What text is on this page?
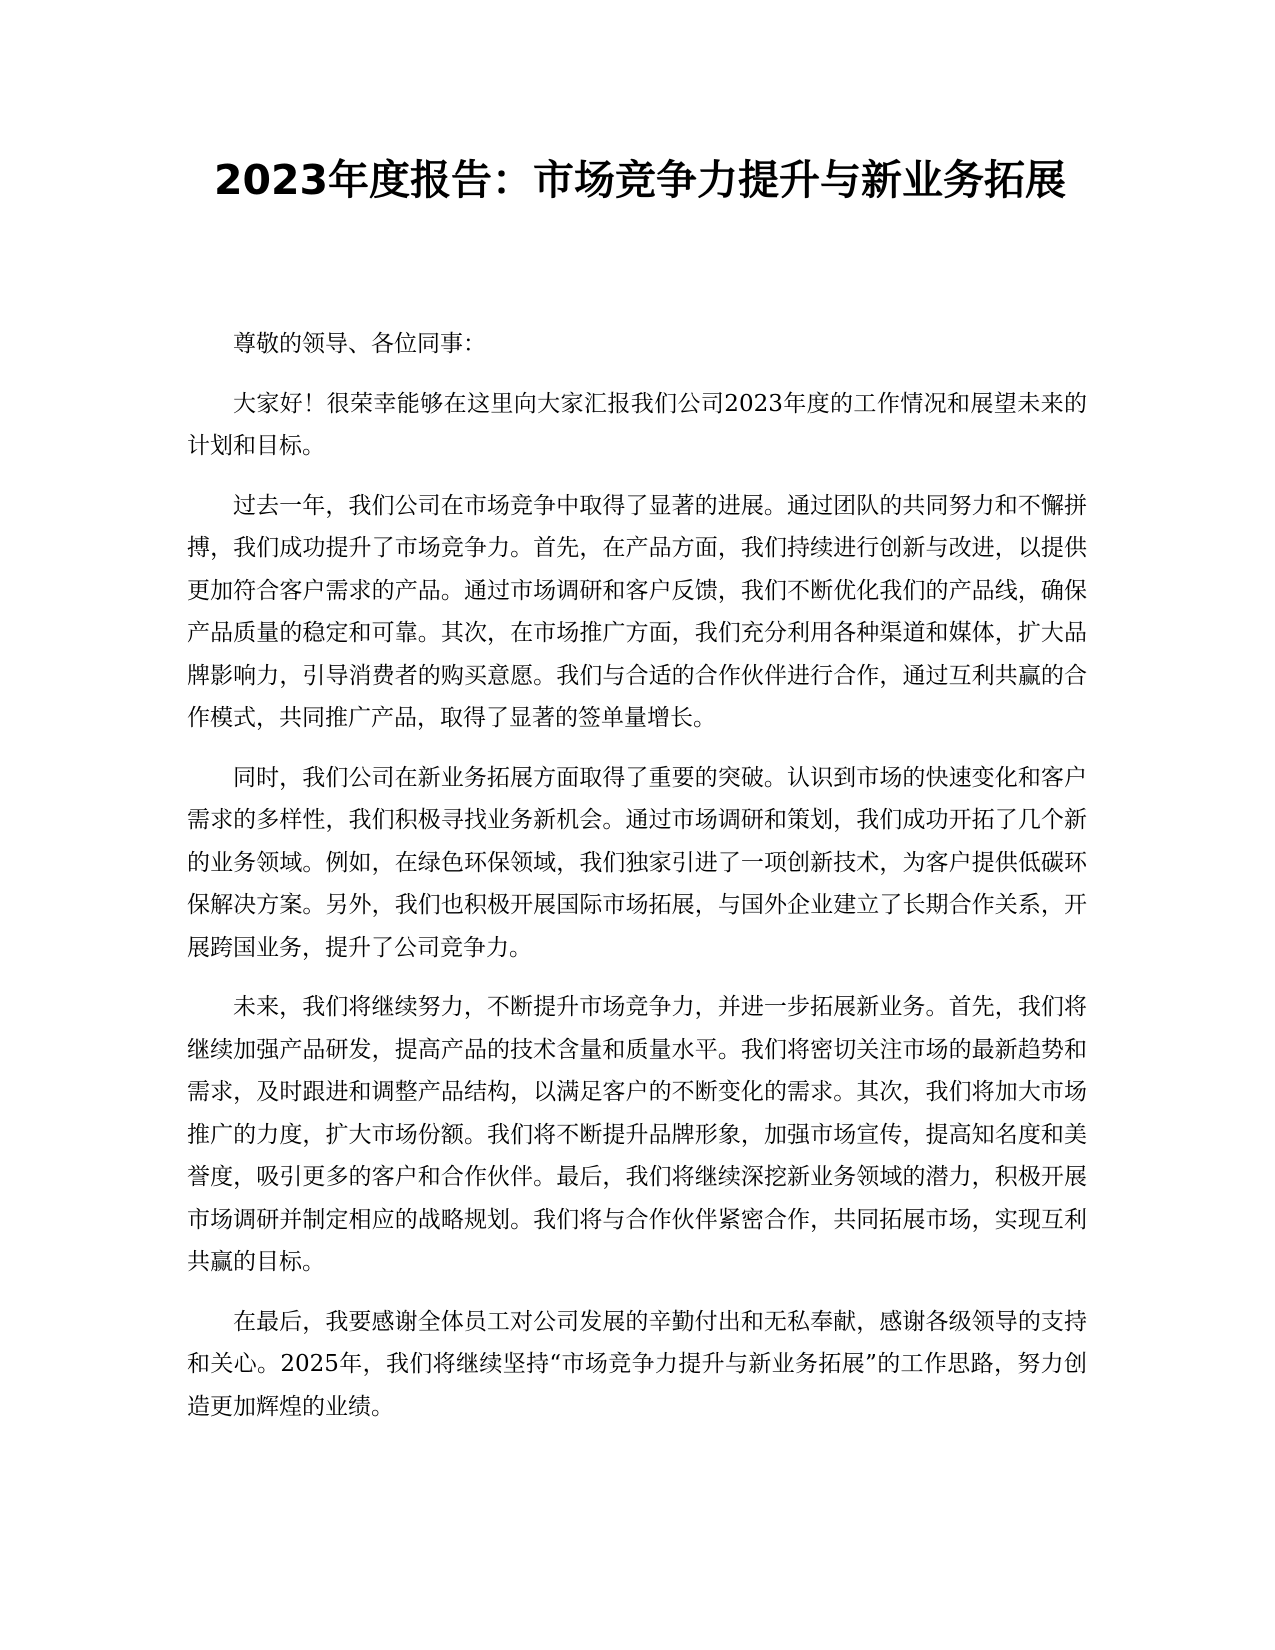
2023年度报告：市场竞争力提升与新业务拓展

尊敬的领导、各位同事：

大家好！很荣幸能够在这里向大家汇报我们公司2023年度的工作情况和展望未来的计划和目标。

过去一年，我们公司在市场竞争中取得了显著的进展。通过团队的共同努力和不懈拼搏，我们成功提升了市场竞争力。首先，在产品方面，我们持续进行创新与改进，以提供更加符合客户需求的产品。通过市场调研和客户反馈，我们不断优化我们的产品线，确保产品质量的稳定和可靠。其次，在市场推广方面，我们充分利用各种渠道和媒体，扩大品牌影响力，引导消费者的购买意愿。我们与合适的合作伙伴进行合作，通过互利共赢的合作模式，共同推广产品，取得了显著的签单量增长。

同时，我们公司在新业务拓展方面取得了重要的突破。认识到市场的快速变化和客户需求的多样性，我们积极寻找业务新机会。通过市场调研和策划，我们成功开拓了几个新的业务领域。例如，在绿色环保领域，我们独家引进了一项创新技术，为客户提供低碳环保解决方案。另外，我们也积极开展国际市场拓展，与国外企业建立了长期合作关系，开展跨国业务，提升了公司竞争力。

未来，我们将继续努力，不断提升市场竞争力，并进一步拓展新业务。首先，我们将继续加强产品研发，提高产品的技术含量和质量水平。我们将密切关注市场的最新趋势和需求，及时跟进和调整产品结构，以满足客户的不断变化的需求。其次，我们将加大市场推广的力度，扩大市场份额。我们将不断提升品牌形象，加强市场宣传，提高知名度和美誉度，吸引更多的客户和合作伙伴。最后，我们将继续深挖新业务领域的潜力，积极开展市场调研并制定相应的战略规划。我们将与合作伙伴紧密合作，共同拓展市场，实现互利共赢的目标。

在最后，我要感谢全体员工对公司发展的辛勤付出和无私奉献，感谢各级领导的支持和关心。2025年，我们将继续坚持“市场竞争力提升与新业务拓展”的工作思路，努力创造更加辉煌的业绩。
